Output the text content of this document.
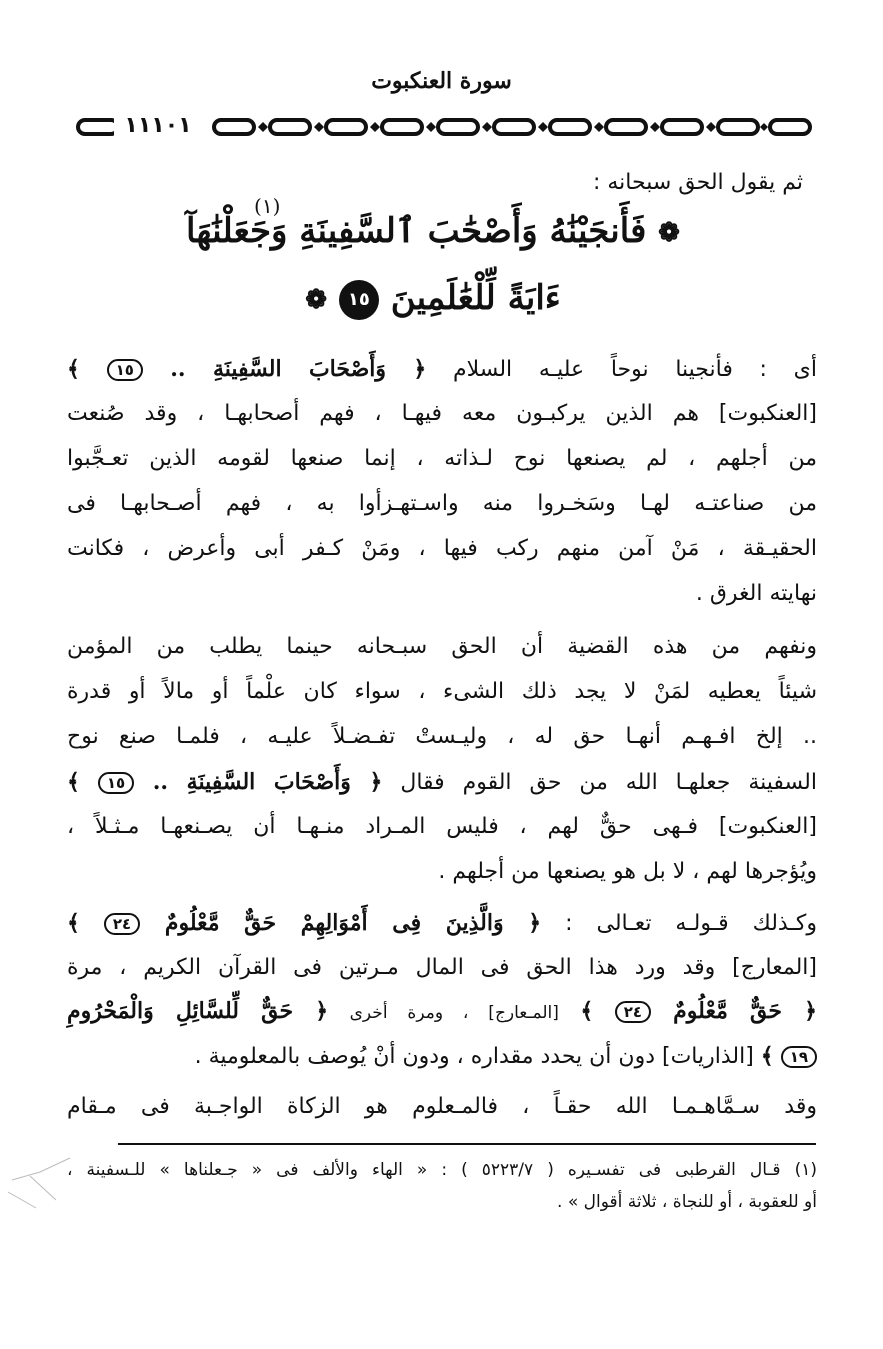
سورة العنكبوت
١١١٠١
ثم يقول الحق سبحانه :
(١)
❁ فَأَنجَيْنَٰهُ وَأَصْحَٰبَ ٱلسَّفِينَةِ وَجَعَلْنَٰهَآ
ءَايَةً لِّلْعَٰلَمِينَ ١٥ ❁
أى : فأنجينا نوحاً عليـه السلام ﴿ وَأَصْحَابَ السَّفِينَةِ .. ١٥ ﴾
[العنكبوت] هم الذين يركبـون معه فيهـا ، فهم أصحابهـا ، وقد صُنعت
من أجلهم ، لم يصنعها نوح لـذاته ، إنما صنعها لقومه الذين تعـجَّبوا
من صناعتـه لهـا وسَخـروا منه واسـتهـزأوا به ، فهم أصـحابهـا فى
الحقيـقة ، مَنْ آمن منهم ركب فيها ، ومَنْ كـفر أبى وأعرض ، فكانت
نهايته الغرق .
ونفهم من هذه القضية أن الحق سبـحانه حينما يطلب من المؤمن
شيئاً يعطيه لمَنْ لا يجد ذلك الشىء ، سواء كان علْماً أو مالاً أو قدرة
.. إلخ افـهـم أنهـا حق له ، وليـستْ تفـضـلاً عليـه ، فلمـا صنع نوح
السفينة جعلهـا الله من حق القوم فقال ﴿ وَأَصْحَابَ السَّفِينَةِ .. ١٥ ﴾
[العنكبوت] فـهى حقٌّ لهم ، فليس المـراد منـهـا أن يصـنعهـا مـثـلاً ،
ويُؤجرها لهم ، لا بل هو يصنعها من أجلهم .
وكـذلك قـولـه تعـالى : ﴿ وَالَّذِينَ فِى أَمْوَالِهِمْ حَقٌّ مَّعْلُومٌ ٢٤ ﴾
[المعارج] وقد ورد هذا الحق فى المال مـرتين فى القرآن الكريم ، مرة
﴿ حَقٌّ مَّعْلُومٌ ٢٤ ﴾ [المـعارج] ، ومرة أخرى ﴿ حَقٌّ لِّلسَّائِلِ وَالْمَحْرُومِ
١٩ ﴾ [الذاريات] دون أن يحدد مقداره ، ودون أنْ يُوصف بالمعلومية .
وقد سـمَّاهـمـا الله حقـاً ، فالمـعلوم هو الزكاة الواجـبة فى مـقام
(١) قـال القرطبى فى تفسـيره ( ٥٢٢٣/٧ ) : « الهاء والألف فى « جـعلناها » للـسفينة ،
أو للعقوبة ، أو للنجاة ، ثلاثة أقوال » .
